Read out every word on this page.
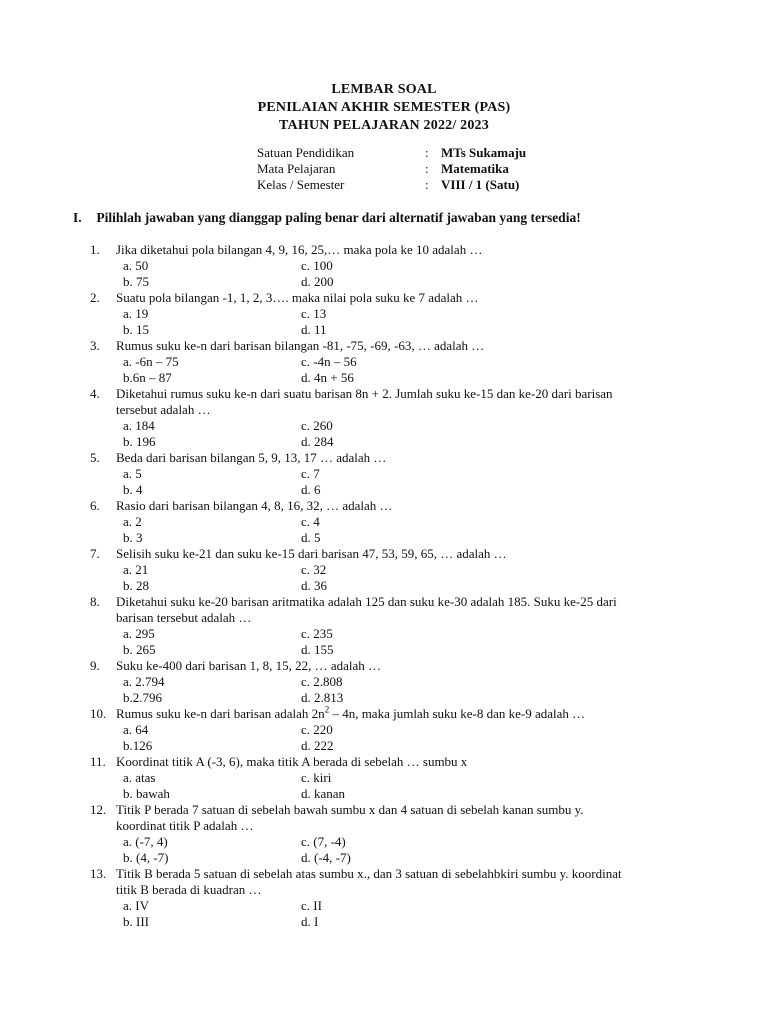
LEMBAR SOAL
PENILAIAN AKHIR SEMESTER (PAS)
TAHUN PELAJARAN 2022/ 2023
Satuan Pendidikan	: MTs Sukamaju
Mata Pelajaran	: Matematika
Kelas / Semester	: VIII / 1 (Satu)
I. Pilihlah jawaban yang dianggap paling benar dari alternatif jawaban yang tersedia!
1.	Jika diketahui pola bilangan 4, 9, 16, 25,… maka pola ke 10 adalah …
a. 50	c. 100
b. 75	d. 200
2.	Suatu pola bilangan -1, 1, 2, 3…. maka nilai pola suku ke 7 adalah …
a. 19	c. 13
b. 15	d. 11
3.	Rumus suku ke-n dari barisan bilangan -81, -75, -69, -63, … adalah …
a. -6n – 75	c. -4n – 56
b.6n – 87	d. 4n + 56
4.	Diketahui rumus suku ke-n dari suatu barisan 8n + 2. Jumlah suku ke-15 dan ke-20 dari barisan
tersebut adalah …
a. 184	c. 260
b. 196	d. 284
5.	Beda dari barisan bilangan 5, 9, 13, 17 … adalah …
a. 5	c. 7
b. 4	d. 6
6.	Rasio dari barisan bilangan 4, 8, 16, 32, … adalah …
a. 2	c. 4
b. 3	d. 5
7.	Selisih suku ke-21 dan suku ke-15 dari barisan 47, 53, 59, 65, … adalah …
a. 21	c. 32
b. 28	d. 36
8.	Diketahui suku ke-20 barisan aritmatika adalah 125 dan suku ke-30 adalah 185. Suku ke-25 dari
barisan tersebut adalah …
a. 295	c. 235
b. 265	d. 155
9.	Suku ke-400 dari barisan 1, 8, 15, 22, … adalah …
a. 2.794	c. 2.808
b.2.796	d. 2.813
10. Rumus suku ke-n dari barisan adalah $2n^2 - 4n$, maka jumlah suku ke-8 dan ke-9 adalah …
a. 64	c. 220
b.126	d. 222
11. Koordinat titik A (-3, 6), maka titik A berada di sebelah … sumbu x
a. atas	c. kiri
b. bawah	d. kanan
12. Titik P berada 7 satuan di sebelah bawah sumbu x dan 4 satuan di sebelah kanan sumbu y.
koordinat titik P adalah …
a. (-7, 4)	c. (7, -4)
b. (4, -7)	d. (-4, -7)
13. Titik B berada 5 satuan di sebelah atas sumbu x., dan 3 satuan di sebelahbkiri sumbu y. koordinat
titik B berada di kuadran …
a. IV	c. II
b. III	d. I
